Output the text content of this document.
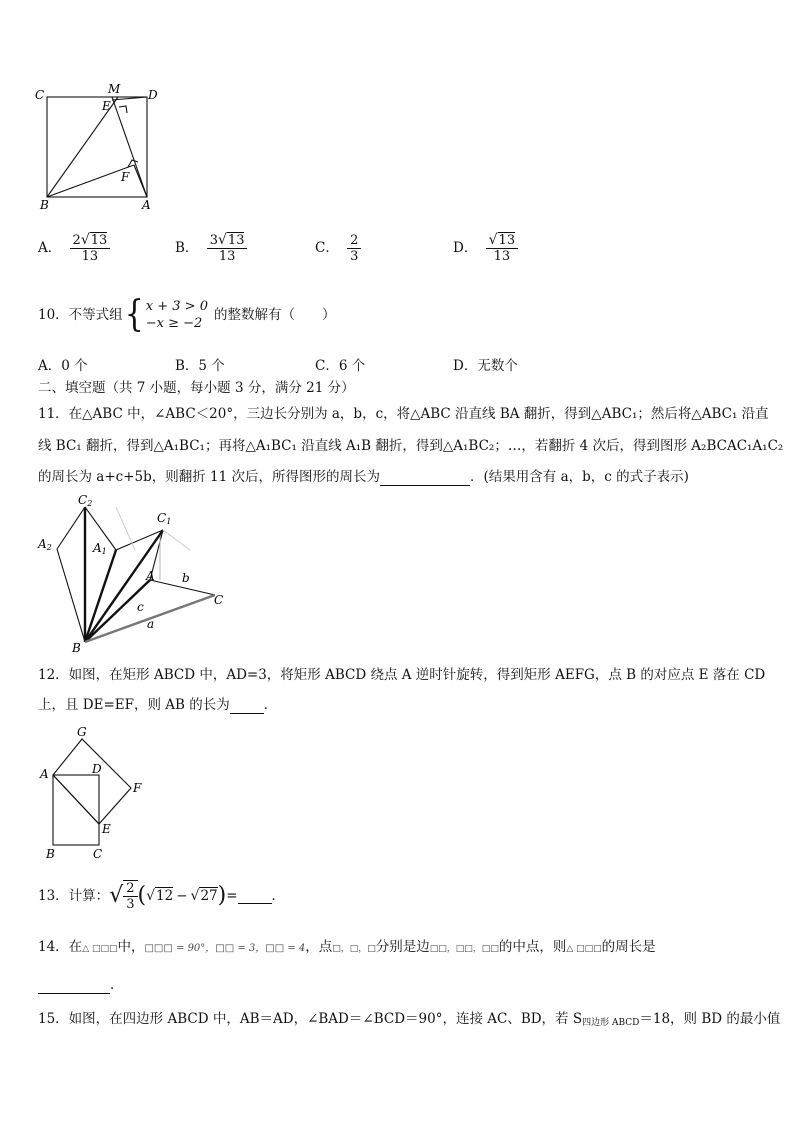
C	M D
E
F
B	A
A． $\frac{2√13}{13}$	B． $\frac{3√13}{13}$	C． $\frac{2}{3}$	D． $\frac{√13}{13}$
10．不等式组{ x + 3 > 0
−x ≥ −2
的整数解有（　　）
A．0 个	B．5 个	C．6 个	D．无数个
二、填空题（共 7 小题，每小题 3 分，满分 21 分）
11．在△ABC 中，∠ABC＜20°，三边长分别为 a，b，c，将△ABC 沿直线 BA 翻折，得到△ABC₁；然后将△ABC₁ 沿直
线 BC₁ 翻折，得到△A₁BC₁；再将△A₁BC₁ 沿直线 A₁B 翻折，得到△A₁BC₂；…，若翻折 4 次后，得到图形 A₂BCAC₁A₁C₂
的周长为 a+c+5b，则翻折 11 次后，所得图形的周长为	．(结果用含有 a，b，c 的式子表示)
C2
A2	A1
C1
A b
C
c
a
B
12．如图，在矩形 ABCD 中，AD=3，将矩形 ABCD 绕点 A 逆时针旋转，得到矩形 AEFG，点 B 的对应点 E 落在 CD
上，且 DE=EF，则 AB 的长为	．
G
A	D
F
E
B	C
13．计算：√ $\frac{2}{3} (√12 - √27)=$	．
14．在△ □□□中，□□□ = 90°，□□ = 3，□□ = 4，点□，□，□分别是边□□，□□，□□的中点，则△ □□□的周长是
．
15．如图，在四边形 ABCD 中，AB＝AD，∠BAD＝∠BCD＝90°，连接 AC、BD，若 S四边形 ABCD＝18，则 BD 的最小值
